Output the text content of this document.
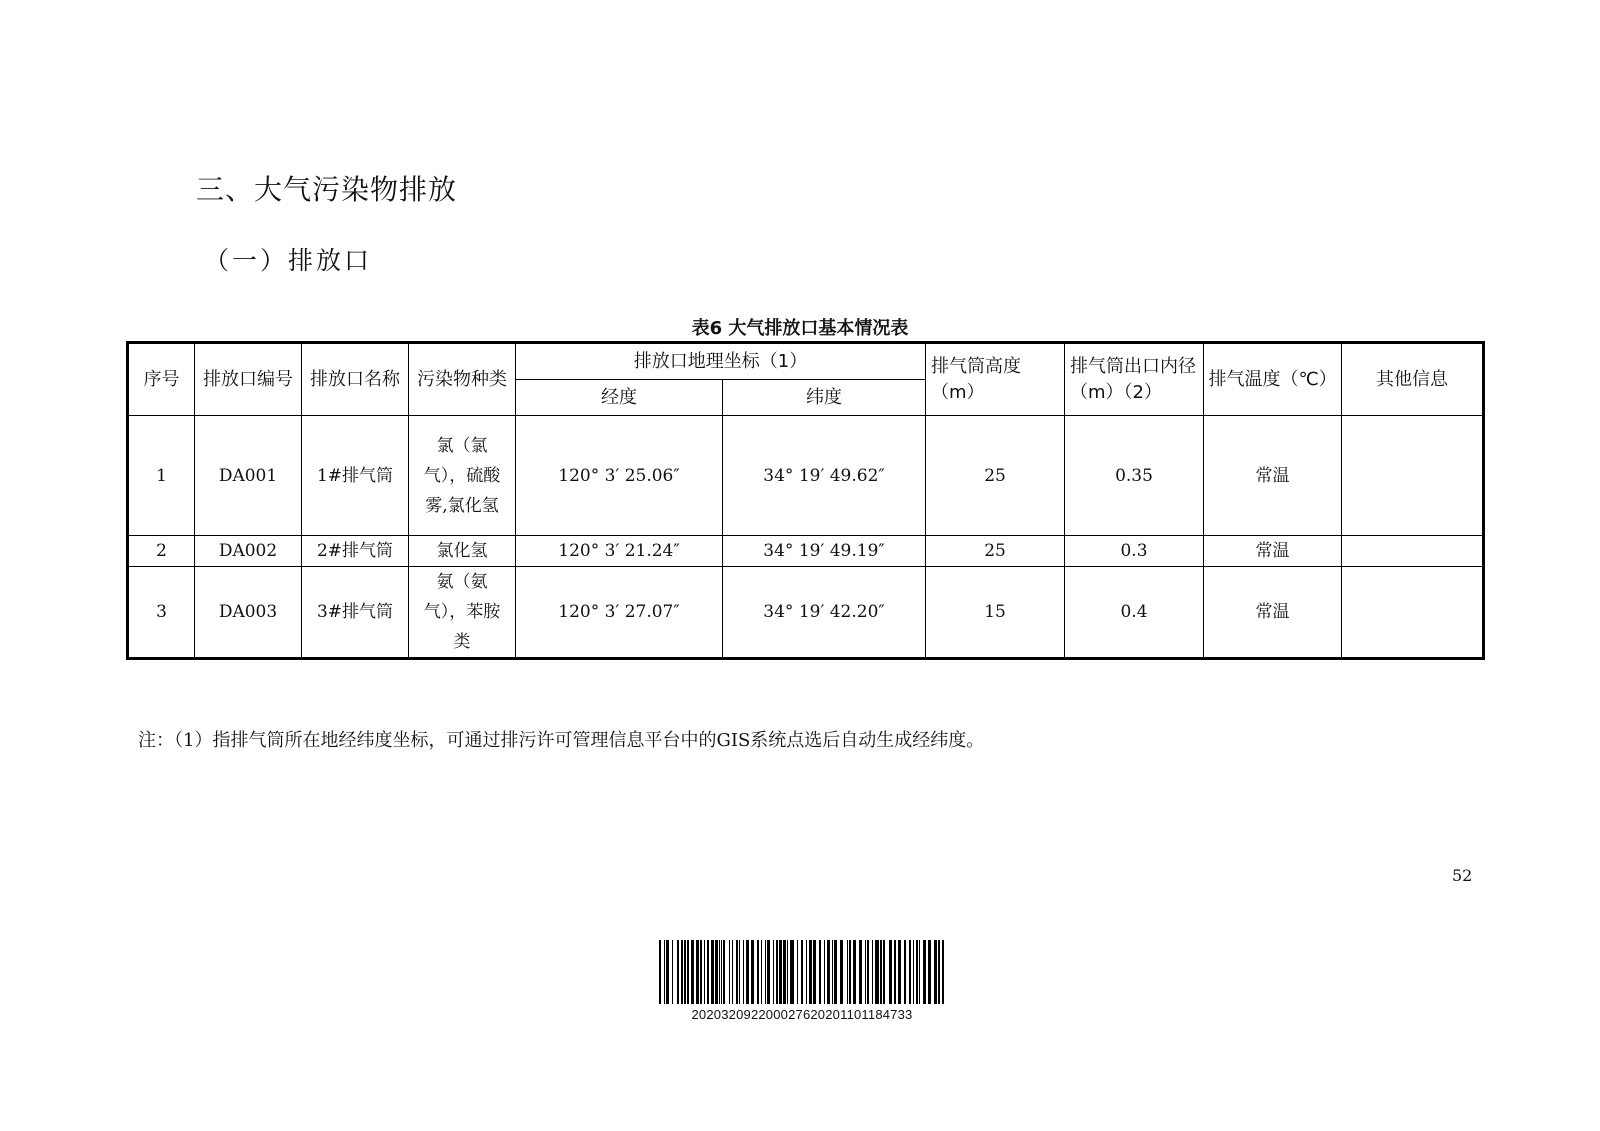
三、大气污染物排放
（一）排放口
表6 大气排放口基本情况表
序号	排放口编号	排放口名称	污染物种类	排放口地理坐标（1）		排气筒高度（m）	排气筒出口内径（m）（2）	排气温度（℃）	其他信息
				经度	纬度				
1	DA001	1#排气筒	氯（氯气），硫酸雾,氯化氢	120° 3′ 25.06″	34° 19′ 49.62″	25	0.35	常温	
2	DA002	2#排气筒	氯化氢	120° 3′ 21.24″	34° 19′ 49.19″	25	0.3	常温	
3	DA003	3#排气筒	氨（氨气），苯胺类	120° 3′ 27.07″	34° 19′ 42.20″	15	0.4	常温	
注：（1）指排气筒所在地经纬度坐标，可通过排污许可管理信息平台中的GIS系统点选后自动生成经纬度。
52
20203209220002762020110118473​3
